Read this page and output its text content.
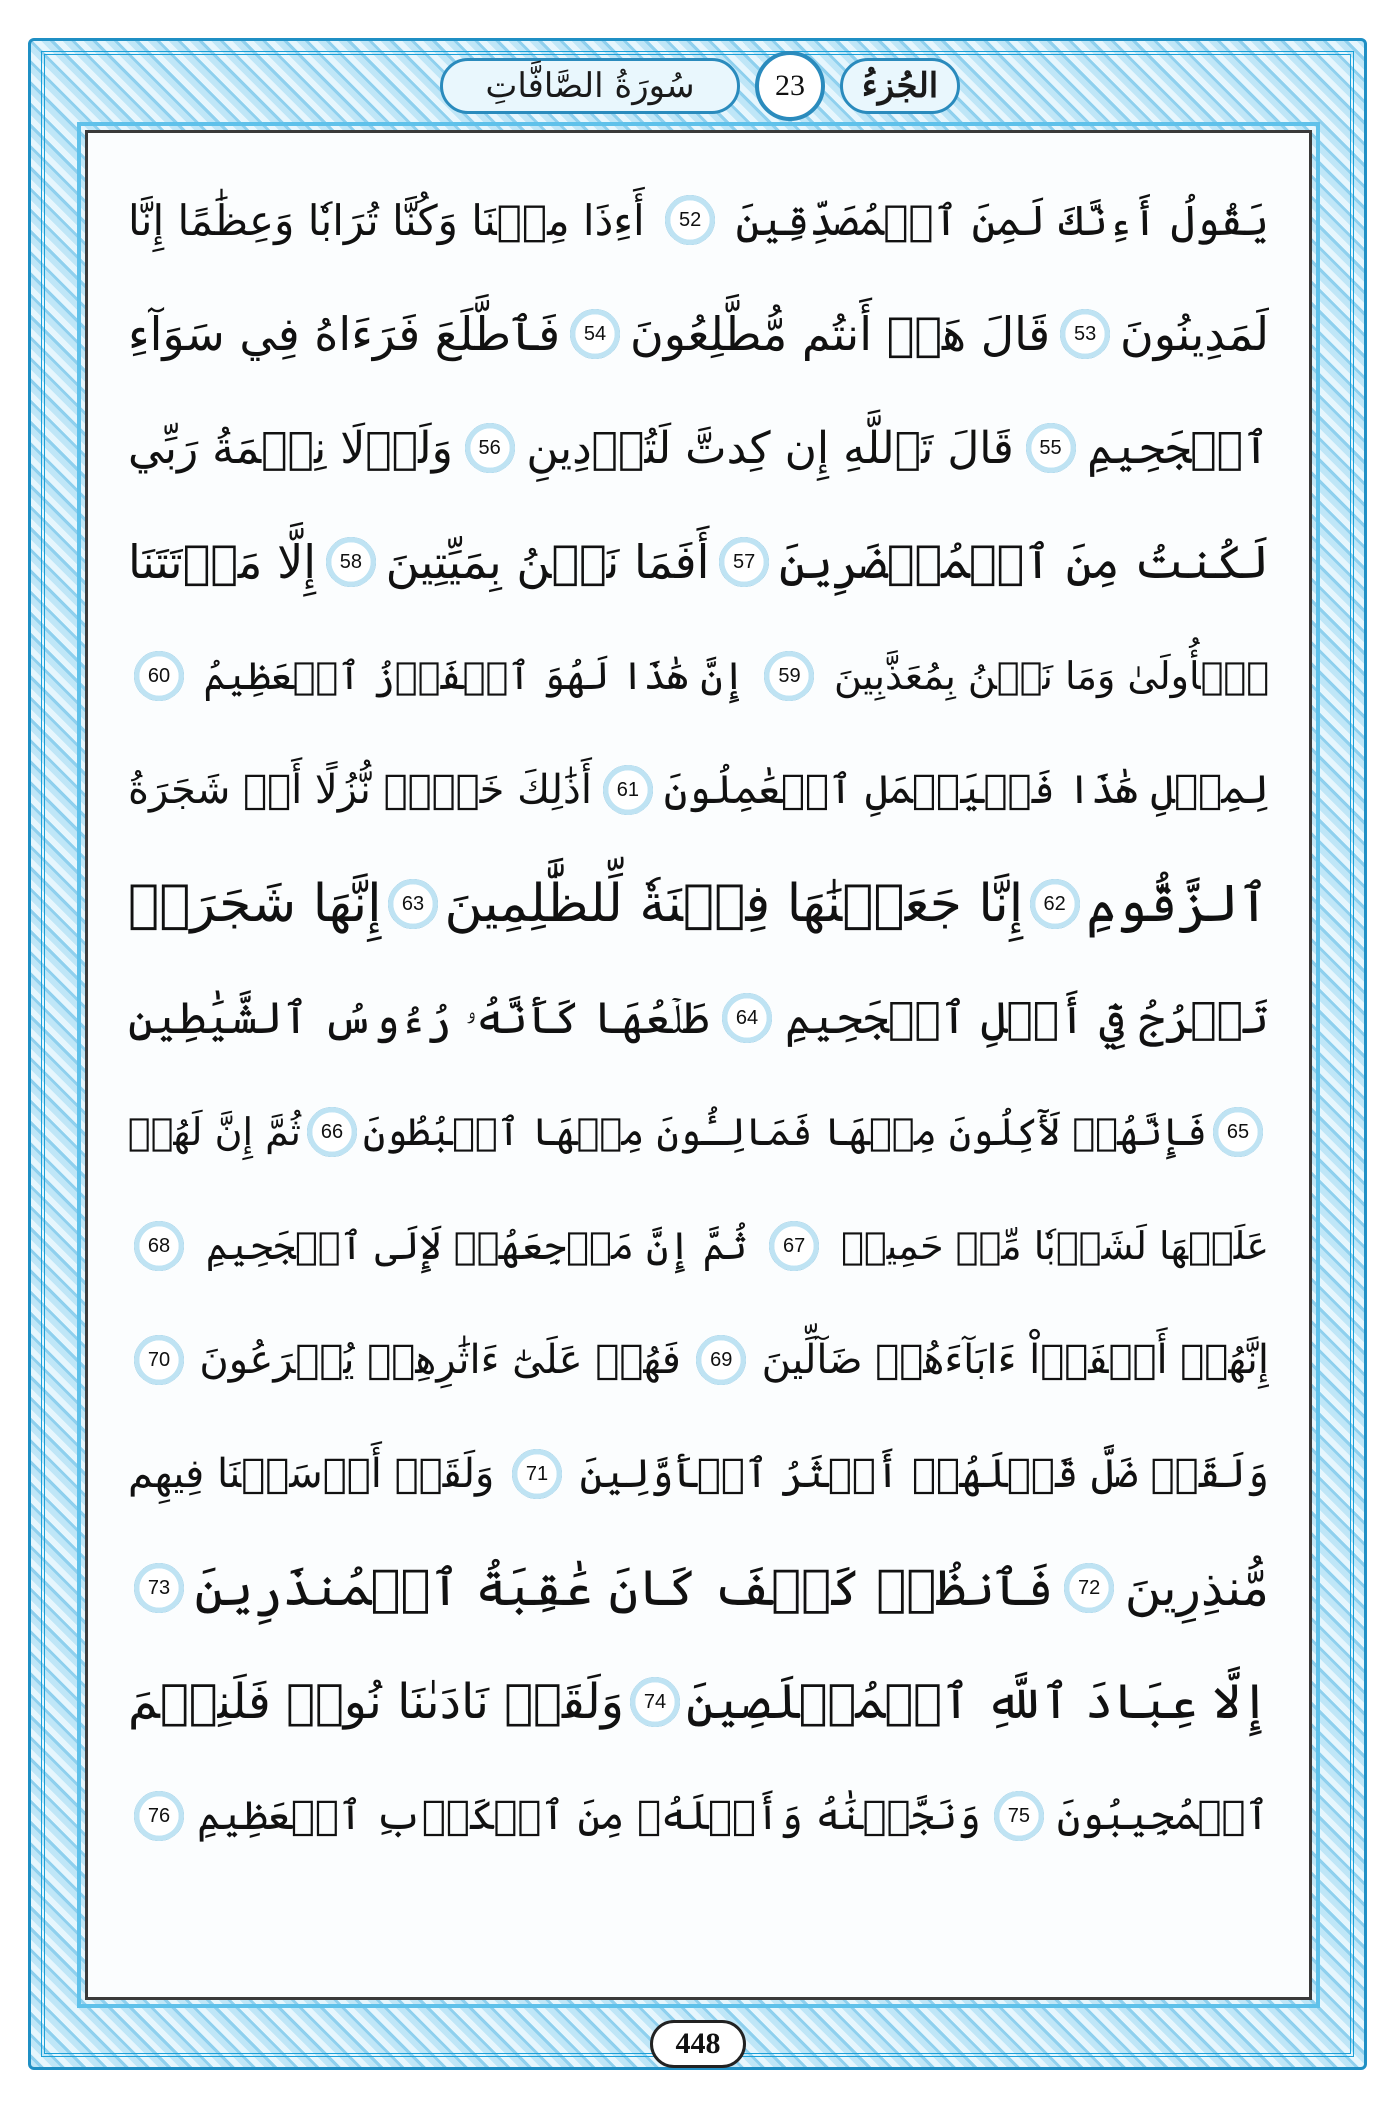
الجُزءُ
23
سُورَةُ الصَّافَّاتِ
يَقُولُ أَءِنَّكَ لَمِنَ ٱلۡمُصَدِّقِينَ
52
أَءِذَا مِتۡنَا وَكُنَّا تُرَابٗا وَعِظَٰمًا إِنَّا
لَمَدِينُونَ
53
قَالَ هَلۡ أَنتُم مُّطَّلِعُونَ
54
فَٱطَّلَعَ فَرَءَاهُ فِي سَوَآءِ
ٱلۡجَحِيمِ
55
قَالَ تَٱللَّهِ إِن كِدتَّ لَتُرۡدِينِ
56
وَلَوۡلَا نِعۡمَةُ رَبِّي
لَكُنتُ مِنَ ٱلۡمُحۡضَرِينَ
57
أَفَمَا نَحۡنُ بِمَيِّتِينَ
58
إِلَّا مَوۡتَتَنَا
ٱلۡأُولَىٰ وَمَا نَحۡنُ بِمُعَذَّبِينَ
59
إِنَّ هَٰذَا لَهُوَ ٱلۡفَوۡزُ ٱلۡعَظِيمُ
60
لِمِثۡلِ هَٰذَا فَلۡيَعۡمَلِ ٱلۡعَٰمِلُونَ
61
أَذَٰلِكَ خَيۡرٞ نُّزُلًا أَمۡ شَجَرَةُ
ٱلزَّقُّومِ
62
إِنَّا جَعَلۡنَٰهَا فِتۡنَةٗ لِّلظَّٰلِمِينَ
63
إِنَّهَا شَجَرَةٞ
تَخۡرُجُ فِيٓ أَصۡلِ ٱلۡجَحِيمِ
64
طَلۡعُهَا كَأَنَّهُۥ رُءُوسُ ٱلشَّيَٰطِينِ
65
فَإِنَّهُمۡ لَأٓكِلُونَ مِنۡهَا فَمَالِـُٔونَ مِنۡهَا ٱلۡبُطُونَ
66
ثُمَّ إِنَّ لَهُمۡ
عَلَيۡهَا لَشَوۡبٗا مِّنۡ حَمِيمٖ
67
ثُمَّ إِنَّ مَرۡجِعَهُمۡ لَإِلَى ٱلۡجَحِيمِ
68
إِنَّهُمۡ أَلۡفَوۡاْ ءَابَآءَهُمۡ ضَآلِّينَ
69
فَهُمۡ عَلَىٰٓ ءَاثَٰرِهِمۡ يُهۡرَعُونَ
70
وَلَقَدۡ ضَلَّ قَبۡلَهُمۡ أَكۡثَرُ ٱلۡأَوَّلِينَ
71
وَلَقَدۡ أَرۡسَلۡنَا فِيهِم
مُّنذِرِينَ
72
فَٱنظُرۡ كَيۡفَ كَانَ عَٰقِبَةُ ٱلۡمُنذَرِينَ
73
إِلَّا عِبَادَ ٱللَّهِ ٱلۡمُخۡلَصِينَ
74
وَلَقَدۡ نَادَىٰنَا نُوحٞ فَلَنِعۡمَ
ٱلۡمُجِيبُونَ
75
وَنَجَّيۡنَٰهُ وَأَهۡلَهُۥ مِنَ ٱلۡكَرۡبِ ٱلۡعَظِيمِ
76
448
